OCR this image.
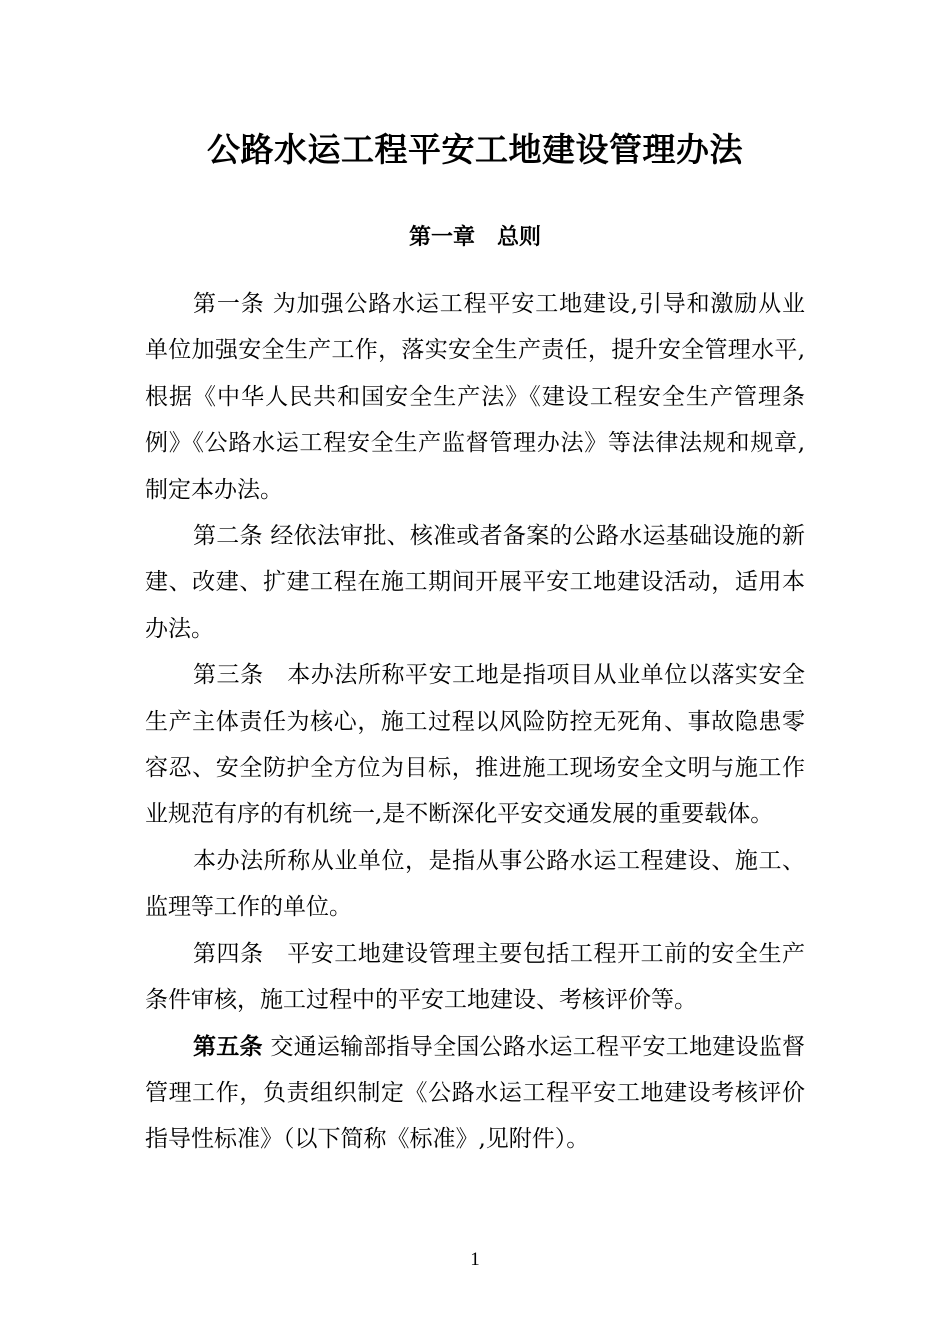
公路水运工程平安工地建设管理办法
第一章　总则

第一条 为加强公路水运工程平安工地建设,引导和激励从业单位加强安全生产工作，落实安全生产责任，提升安全管理水平,根据《中华人民共和国安全生产法》《建设工程安全生产管理条例》《公路水运工程安全生产监督管理办法》等法律法规和规章,制定本办法。

第二条 经依法审批、核准或者备案的公路水运基础设施的新建、改建、扩建工程在施工期间开展平安工地建设活动，适用本办法。

第三条　 本办法所称平安工地是指项目从业单位以落实安全生产主体责任为核心，施工过程以风险防控无死角、事故隐患零容忍、安全防护全方位为目标，推进施工现场安全文明与施工作业规范有序的有机统一,是不断深化平安交通发展的重要载体。

本办法所称从业单位，是指从事公路水运工程建设、施工、监理等工作的单位。

第四条　 平安工地建设管理主要包括工程开工前的安全生产条件审核，施工过程中的平安工地建设、考核评价等。

第五条 交通运输部指导全国公路水运工程平安工地建设监督管理工作，负责组织制定《公路水运工程平安工地建设考核评价指导性标准》（以下简称《标准》,见附件）。

1
